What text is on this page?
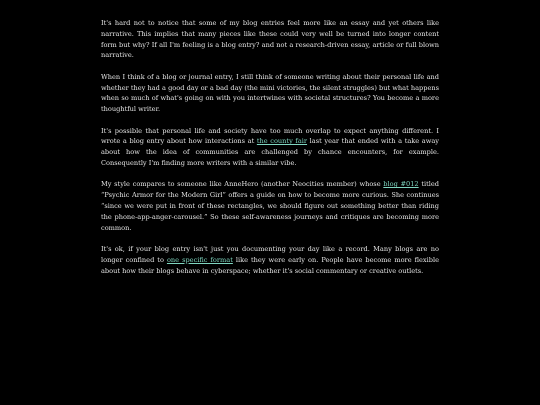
It's hard not to notice that some of my blog entries feel more like an essay and yet others like narrative. This implies that many pieces like these could very well be turned into longer content form but why? If all I'm feeling is a blog entry? and not a research-driven essay, article or full blown narrative.

When I think of a blog or journal entry, I still think of someone writing about their personal life and whether they had a good day or a bad day (the mini victories, the silent struggles) but what happens when so much of what's going on with you intertwines with societal structures? You become a more thoughtful writer.

It's possible that personal life and society have too much overlap to expect anything different. I wrote a blog entry about how interactions at the county fair last year that ended with a take away about how the idea of communities are challenged by chance encounters, for example. Consequently I'm finding more writers with a similar vibe.

My style compares to someone like AnneHero (another Neocities member) whose blog #012 titled “Psychic Armor for the Modern Girl” offers a guide on how to become more curious. She continues “since we were put in front of these rectangles, we should figure out something better than riding the phone-app-anger-carousel.” So these self-awareness journeys and critiques are becoming more common.

It's ok, if your blog entry isn't just you documenting your day like a record. Many blogs are no longer confined to one specific format like they were early on. People have become more flexible about how their blogs behave in cyberspace; whether it's social commentary or creative outlets.
